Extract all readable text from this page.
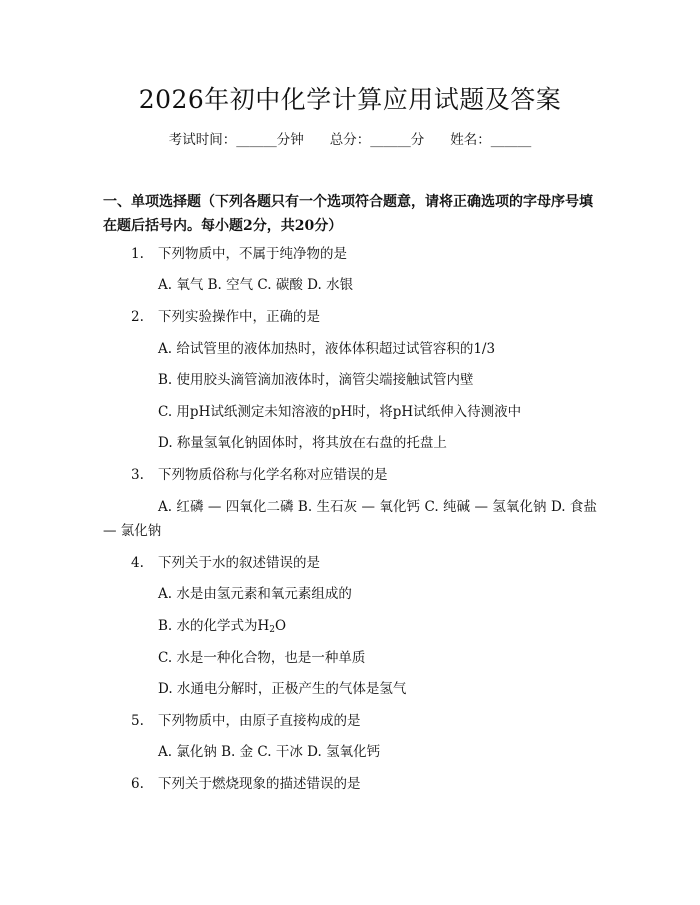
2026年初中化学计算应用试题及答案
考试时间：______分钟 总分：______分 姓名：______
一、单项选择题（下列各题只有一个选项符合题意，请将正确选项的字母序号填在题后括号内。每小题2分，共20分）
1. 下列物质中，不属于纯净物的是
A. 氧气 B. 空气 C. 碳酸 D. 水银
2. 下列实验操作中，正确的是
A. 给试管里的液体加热时，液体体积超过试管容积的1/3
B. 使用胶头滴管滴加液体时，滴管尖端接触试管内壁
C. 用pH试纸测定未知溶液的pH时，将pH试纸伸入待测液中
D. 称量氢氧化钠固体时，将其放在右盘的托盘上
3. 下列物质俗称与化学名称对应错误的是
A. 红磷 — 四氧化二磷 B. 生石灰 — 氧化钙 C. 纯碱 — 氢氧化钠 D. 食盐 — 氯化钠
4. 下列关于水的叙述错误的是
A. 水是由氢元素和氧元素组成的
B. 水的化学式为$H_2O$
C. 水是一种化合物，也是一种单质
D. 水通电分解时，正极产生的气体是氢气
5. 下列物质中，由原子直接构成的是
A. 氯化钠 B. 金 C. 干冰 D. 氢氧化钙
6. 下列关于燃烧现象的描述错误的是
